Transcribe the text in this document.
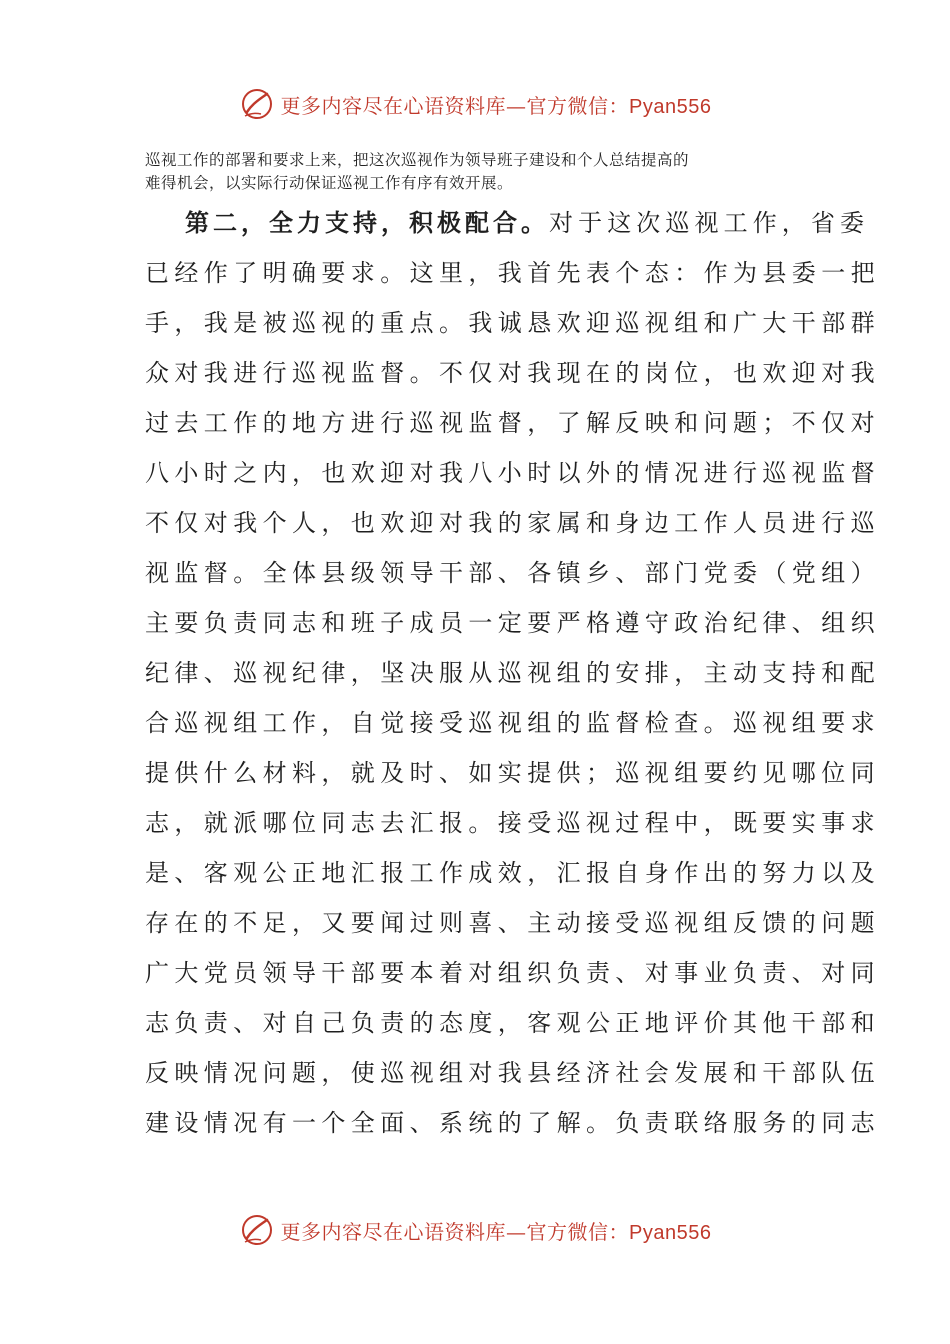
更多内容尽在心语资料库—官方微信：Pyan556
巡视工作的部署和要求上来，把这次巡视作为领导班子建设和个人总结提高的
难得机会，以实际行动保证巡视工作有序有效开展。
第二，全力支持，积极配合。对于这次巡视工作，省委
已经作了明确要求。这里，我首先表个态：作为县委一把
手，我是被巡视的重点。我诚恳欢迎巡视组和广大干部群
众对我进行巡视监督。不仅对我现在的岗位，也欢迎对我
过去工作的地方进行巡视监督，了解反映和问题；不仅对
八小时之内，也欢迎对我八小时以外的情况进行巡视监督
不仅对我个人，也欢迎对我的家属和身边工作人员进行巡
视监督。全体县级领导干部、各镇乡、部门党委（党组）
主要负责同志和班子成员一定要严格遵守政治纪律、组织
纪律、巡视纪律，坚决服从巡视组的安排，主动支持和配
合巡视组工作，自觉接受巡视组的监督检查。巡视组要求
提供什么材料，就及时、如实提供；巡视组要约见哪位同
志，就派哪位同志去汇报。接受巡视过程中，既要实事求
是、客观公正地汇报工作成效，汇报自身作出的努力以及
存在的不足，又要闻过则喜、主动接受巡视组反馈的问题
广大党员领导干部要本着对组织负责、对事业负责、对同
志负责、对自己负责的态度，客观公正地评价其他干部和
反映情况问题，使巡视组对我县经济社会发展和干部队伍
建设情况有一个全面、系统的了解。负责联络服务的同志
更多内容尽在心语资料库—官方微信：Pyan556
